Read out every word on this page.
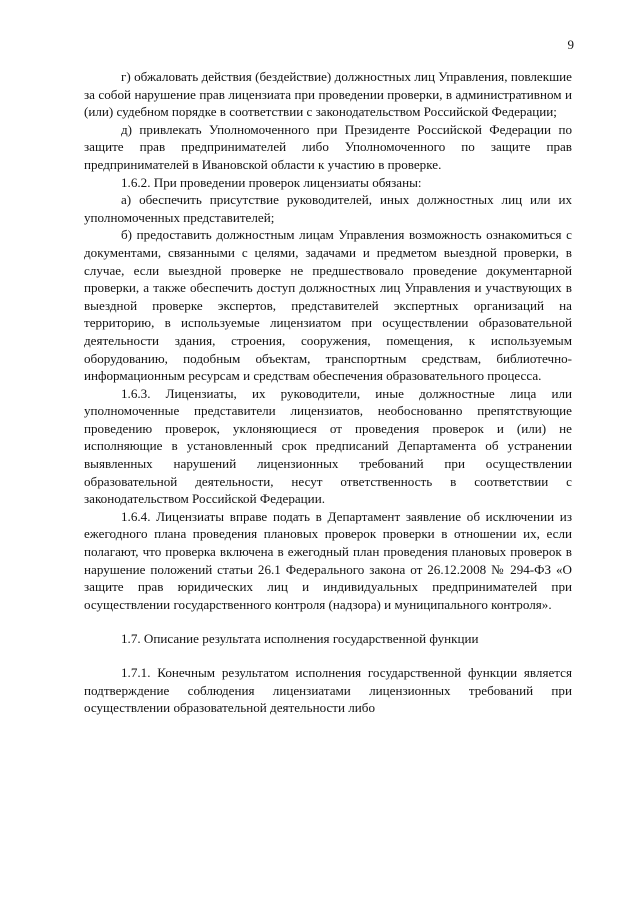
9

г) обжаловать действия (бездействие) должностных лиц Управления, повлекшие за собой нарушение прав лицензиата при проведении проверки, в административном и (или) судебном порядке в соответствии с законодательством Российской Федерации;

д) привлекать Уполномоченного при Президенте Российской Федерации по защите прав предпринимателей либо Уполномоченного по защите прав предпринимателей в Ивановской области к участию в проверке.

1.6.2. При проведении проверок лицензиаты обязаны:

а) обеспечить присутствие руководителей, иных должностных лиц или их уполномоченных представителей;

б) предоставить должностным лицам Управления возможность ознакомиться с документами, связанными с целями, задачами и предметом выездной проверки, в случае, если выездной проверке не предшествовало проведение документарной проверки, а также обеспечить доступ должностных лиц Управления и участвующих в выездной проверке экспертов, представителей экспертных организаций на территорию, в используемые лицензиатом при осуществлении образовательной деятельности здания, строения, сооружения, помещения, к используемым оборудованию, подобным объектам, транспортным средствам, библиотечно-информационным ресурсам и средствам обеспечения образовательного процесса.

1.6.3. Лицензиаты, их руководители, иные должностные лица или уполномоченные представители лицензиатов, необоснованно препятствующие проведению проверок, уклоняющиеся от проведения проверок и (или) не исполняющие в установленный срок предписаний Департамента об устранении выявленных нарушений лицензионных требований при осуществлении образовательной деятельности, несут ответственность в соответствии с законодательством Российской Федерации.

1.6.4. Лицензиаты вправе подать в Департамент заявление об исключении из ежегодного плана проведения плановых проверок проверки в отношении их, если полагают, что проверка включена в ежегодный план проведения плановых проверок в нарушение положений статьи 26.1 Федерального закона от 26.12.2008 № 294-ФЗ «О защите прав юридических лиц и индивидуальных предпринимателей при осуществлении государственного контроля (надзора) и муниципального контроля».

1.7. Описание результата исполнения государственной функции

1.7.1. Конечным результатом исполнения государственной функции является подтверждение соблюдения лицензиатами лицензионных требований при осуществлении образовательной деятельности либо
